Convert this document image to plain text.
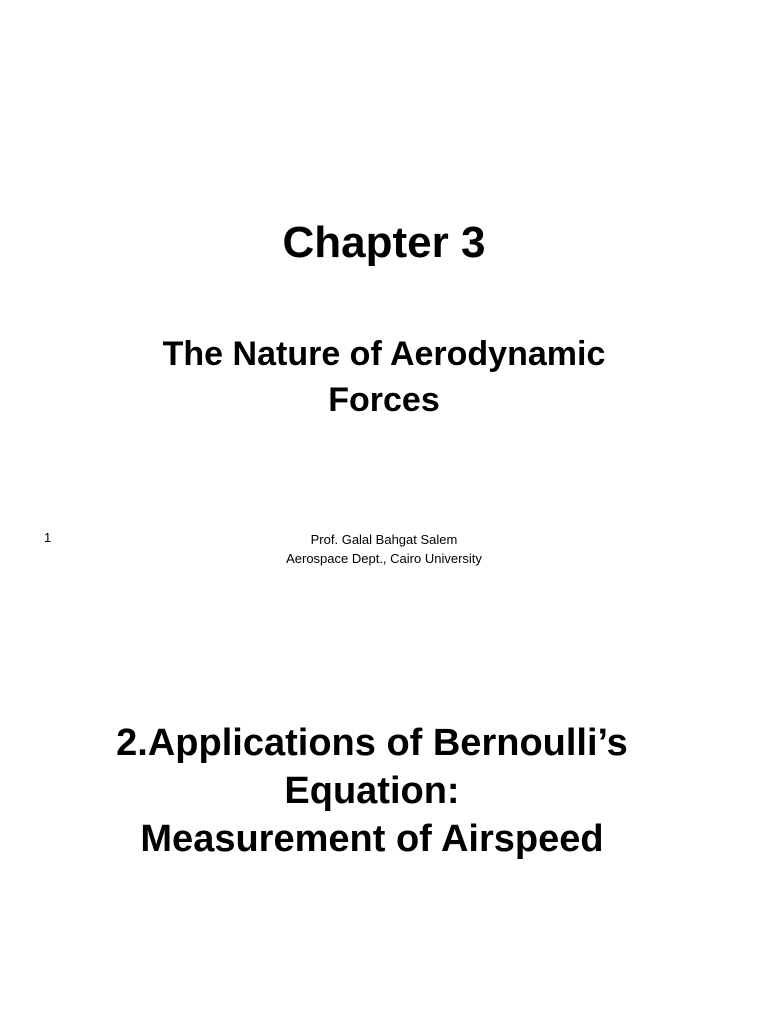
Chapter 3
The Nature of Aerodynamic
Forces
1	Prof. Galal Bahgat Salem
Aerospace Dept., Cairo University
2.Applications of Bernoulli’s
Equation:
Measurement of Airspeed
